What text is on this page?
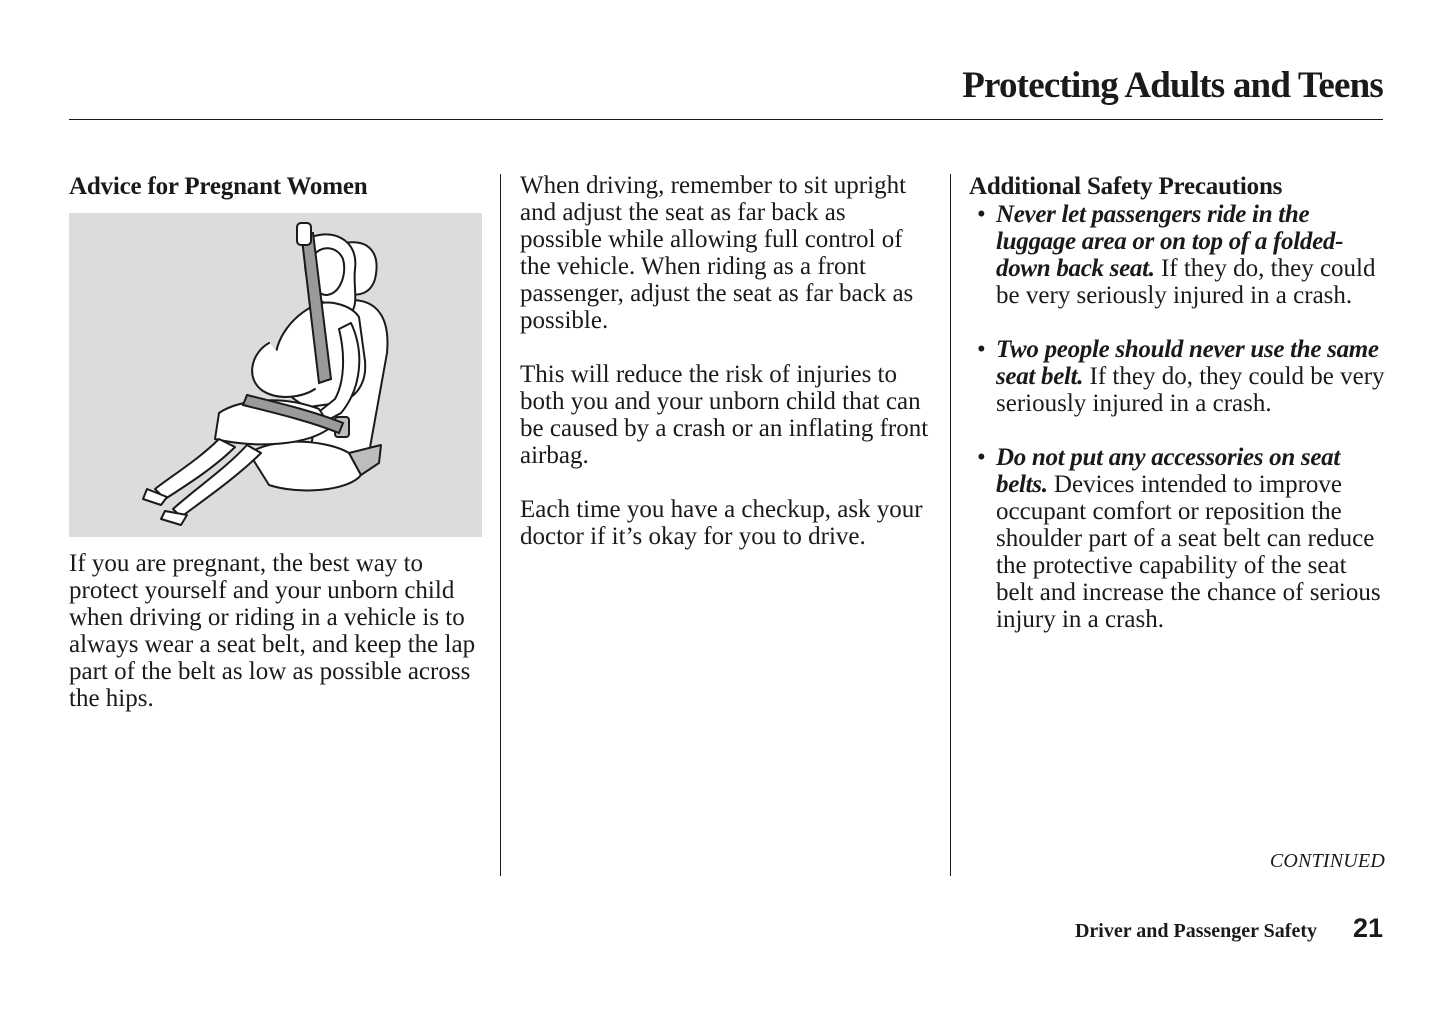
Protecting Adults and Teens

Advice for Pregnant Women

If you are pregnant, the best way to protect yourself and your unborn child when driving or riding in a vehicle is to always wear a seat belt, and keep the lap part of the belt as low as possible across the hips.

When driving, remember to sit upright and adjust the seat as far back as possible while allowing full control of the vehicle. When riding as a front passenger, adjust the seat as far back as possible.

This will reduce the risk of injuries to both you and your unborn child that can be caused by a crash or an inflating front airbag.

Each time you have a checkup, ask your doctor if it’s okay for you to drive.

Additional Safety Precautions

• Never let passengers ride in the luggage area or on top of a folded-down back seat. If they do, they could be very seriously injured in a crash.
• Two people should never use the same seat belt. If they do, they could be very seriously injured in a crash.
• Do not put any accessories on seat belts. Devices intended to improve occupant comfort or reposition the shoulder part of a seat belt can reduce the protective capability of the seat belt and increase the chance of serious injury in a crash.
CONTINUED
Driver and Passenger Safety 21
